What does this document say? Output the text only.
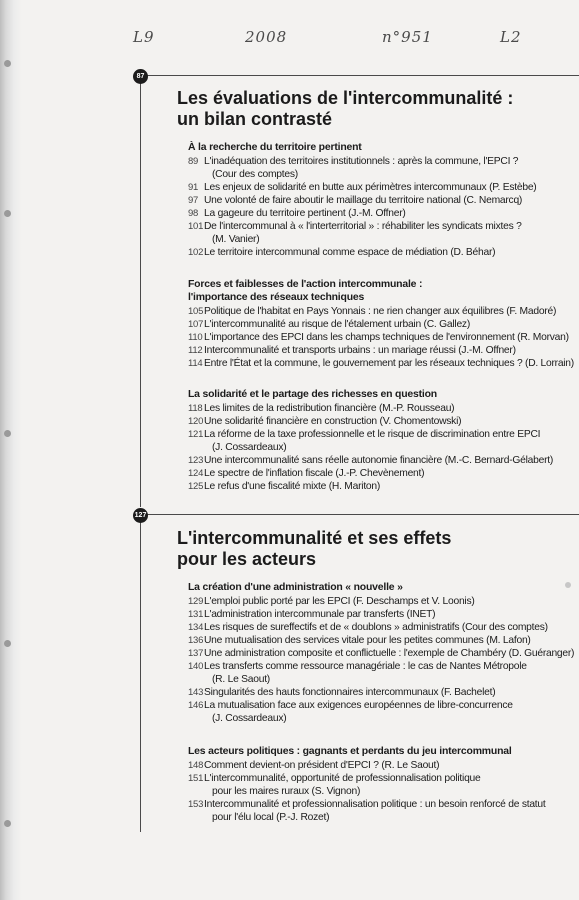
L9	2008	n°951	L2
87
Les évaluations de l'intercommunalité :
un bilan contrasté
À la recherche du territoire pertinent
89 L'inadéquation des territoires institutionnels : après la commune, l'EPCI ?
(Cour des comptes)
91 Les enjeux de solidarité en butte aux périmètres intercommunaux (P. Estèbe)
97 Une volonté de faire aboutir le maillage du territoire national (C. Nemarcq)
98 La gageure du territoire pertinent (J.-M. Offner)
101 De l'intercommunal à « l'interterritorial » : réhabiliter les syndicats mixtes ?
(M. Vanier)
102 Le territoire intercommunal comme espace de médiation (D. Béhar)
Forces et faiblesses de l'action intercommunale :
l'importance des réseaux techniques
105 Politique de l'habitat en Pays Yonnais : ne rien changer aux équilibres (F. Madoré)
107 L'intercommunalité au risque de l'étalement urbain (C. Gallez)
110 L'importance des EPCI dans les champs techniques de l'environnement (R. Morvan)
112 Intercommunalité et transports urbains : un mariage réussi (J.-M. Offner)
114 Entre l'État et la commune, le gouvernement par les réseaux techniques ? (D. Lorrain)
La solidarité et le partage des richesses en question
118 Les limites de la redistribution financière (M.-P. Rousseau)
120 Une solidarité financière en construction (V. Chomentowski)
121 La réforme de la taxe professionnelle et le risque de discrimination entre EPCI
(J. Cossardeaux)
123 Une intercommunalité sans réelle autonomie financière (M.-C. Bernard-Gélabert)
124 Le spectre de l'inflation fiscale (J.-P. Chevènement)
125 Le refus d'une fiscalité mixte (H. Mariton)
127
L'intercommunalité et ses effets
pour les acteurs
La création d'une administration « nouvelle »
129 L'emploi public porté par les EPCI (F. Deschamps et V. Loonis)
131 L'administration intercommunale par transferts (INET)
134 Les risques de sureffectifs et de « doublons » administratifs (Cour des comptes)
136 Une mutualisation des services vitale pour les petites communes (M. Lafon)
137 Une administration composite et conflictuelle : l'exemple de Chambéry (D. Guéranger)
140 Les transferts comme ressource managériale : le cas de Nantes Métropole
(R. Le Saout)
143 Singularités des hauts fonctionnaires intercommunaux (F. Bachelet)
146 La mutualisation face aux exigences européennes de libre-concurrence
(J. Cossardeaux)
Les acteurs politiques : gagnants et perdants du jeu intercommunal
148 Comment devient-on président d'EPCI ? (R. Le Saout)
151 L'intercommunalité, opportunité de professionnalisation politique
pour les maires ruraux (S. Vignon)
153 Intercommunalité et professionnalisation politique : un besoin renforcé de statut
pour l'élu local (P.-J. Rozet)
